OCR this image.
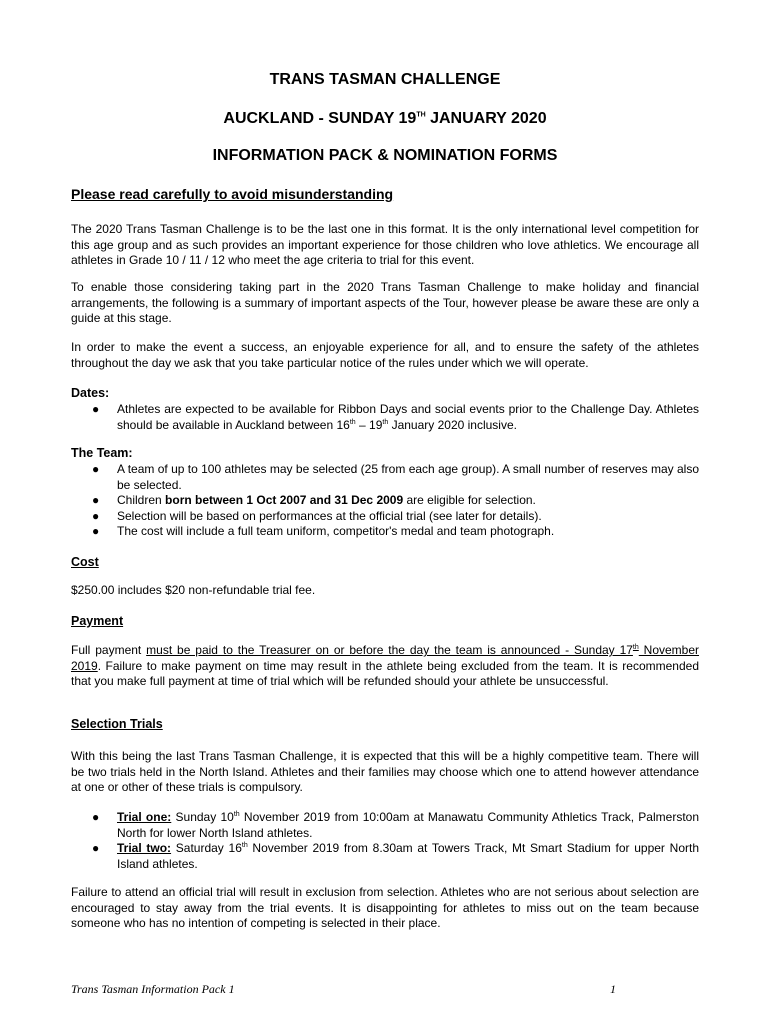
TRANS TASMAN CHALLENGE

AUCKLAND - SUNDAY 19TH JANUARY 2020

INFORMATION PACK & NOMINATION FORMS

Please read carefully to avoid misunderstanding

The 2020 Trans Tasman Challenge is to be the last one in this format. It is the only international level competition for this age group and as such provides an important experience for those children who love athletics. We encourage all athletes in Grade 10 / 11 / 12 who meet the age criteria to trial for this event.

To enable those considering taking part in the 2020 Trans Tasman Challenge to make holiday and financial arrangements, the following is a summary of important aspects of the Tour, however please be aware these are only a guide at this stage.

In order to make the event a success, an enjoyable experience for all, and to ensure the safety of the athletes throughout the day we ask that you take particular notice of the rules under which we will operate.

Dates:

● Athletes are expected to be available for Ribbon Days and social events prior to the Challenge Day. Athletes should be available in Auckland between 16th – 19th January 2020 inclusive.

The Team:

● A team of up to 100 athletes may be selected (25 from each age group). A small number of reserves may also be selected.
● Children born between 1 Oct 2007 and 31 Dec 2009 are eligible for selection.
● Selection will be based on performances at the official trial (see later for details).
● The cost will include a full team uniform, competitor's medal and team photograph.

Cost

$250.00 includes $20 non-refundable trial fee.

Payment

Full payment must be paid to the Treasurer on or before the day the team is announced - Sunday 17th November 2019. Failure to make payment on time may result in the athlete being excluded from the team. It is recommended that you make full payment at time of trial which will be refunded should your athlete be unsuccessful.

Selection Trials

With this being the last Trans Tasman Challenge, it is expected that this will be a highly competitive team. There will be two trials held in the North Island. Athletes and their families may choose which one to attend however attendance at one or other of these trials is compulsory.

● Trial one: Sunday 10th November 2019 from 10:00am at Manawatu Community Athletics Track, Palmerston North for lower North Island athletes.
● Trial two: Saturday 16th November 2019 from 8.30am at Towers Track, Mt Smart Stadium for upper North Island athletes.

Failure to attend an official trial will result in exclusion from selection. Athletes who are not serious about selection are encouraged to stay away from the trial events. It is disappointing for athletes to miss out on the team because someone who has no intention of competing is selected in their place.

Trans Tasman Information Pack 1	1
